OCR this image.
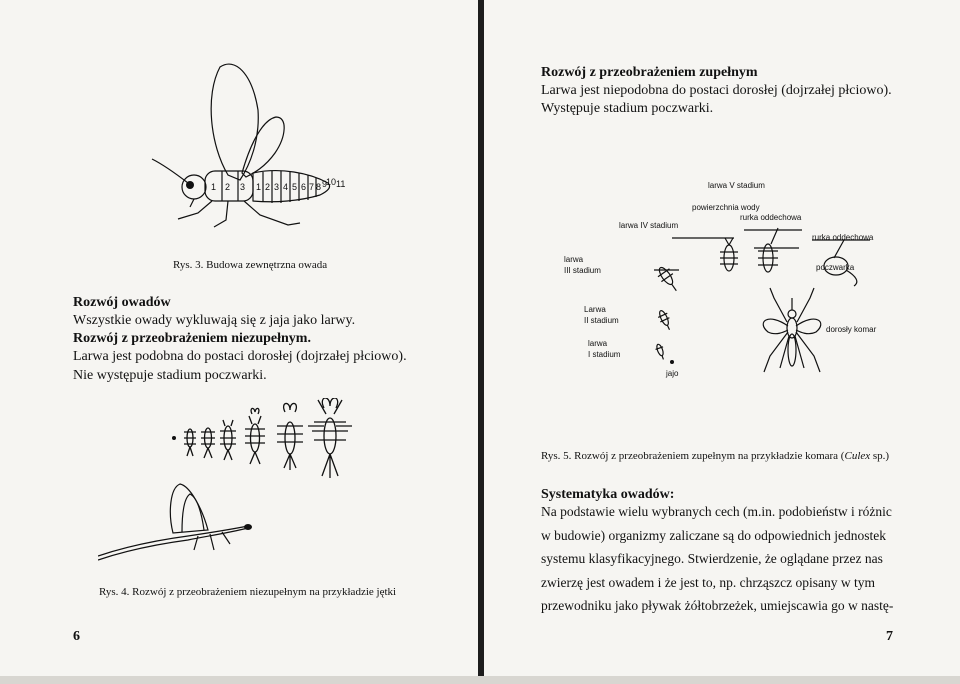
1 2 3 1 2 3 4 5 6 7 8 9
10 11
Rys. 3. Budowa zewnętrzna owada
Rozwój owadów
Wszystkie owady wykluwają się z jaja jako larwy.
Rozwój z przeobrażeniem niezupełnym.
Larwa jest podobna do postaci dorosłej (dojrzałej płciowo).
Nie występuje stadium poczwarki.
Rys. 4. Rozwój z przeobrażeniem niezupełnym na przykładzie jętki
6
Rozwój z przeobrażeniem zupełnym
Larwa jest niepodobna do postaci dorosłej (dojrzałej płciowo).
Występuje stadium poczwarki.
larwa V stadium
powierzchnia wody
rurka oddechowa
larwa IV stadium
rurka oddechowa
larwa
III stadium	poczwarka
Larwa
II stadium
larwa
I stadium
dorosły komar
jajo
Rys. 5. Rozwój z przeobrażeniem zupełnym na przykładzie komara (Culex sp.)
Systematyka owadów:
Na podstawie wielu wybranych cech (m.in. podobieństw i różnic
w budowie) organizmy zaliczane są do odpowiednich jednostek
systemu klasyfikacyjnego. Stwierdzenie, że oglądane przez nas
zwierzę jest owadem i że jest to, np. chrząszcz opisany w tym
przewodniku jako pływak żółtobrzeżek, umiejscawia go w nastę-
7
